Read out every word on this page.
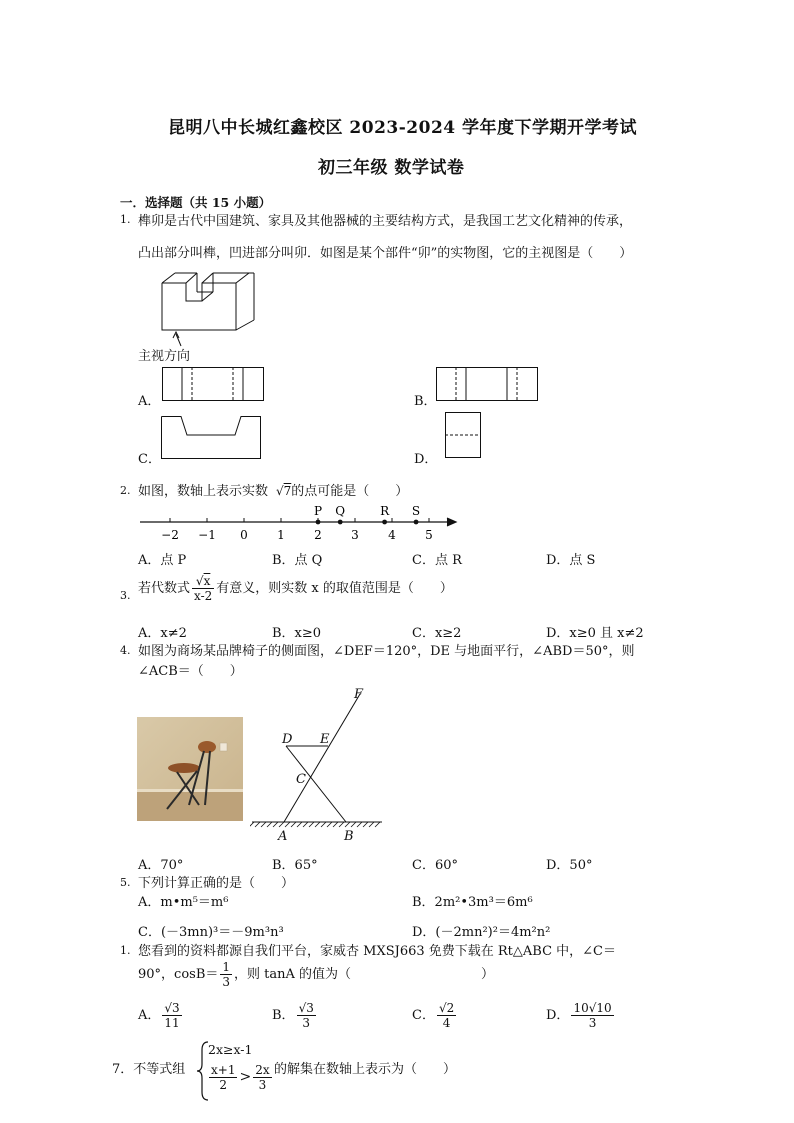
昆明八中长城红鑫校区 2023-2024 学年度下学期开学考试
初三年级 数学试卷
一．选择题（共 15 小题）
1. 榫卯是古代中国建筑、家具及其他器械的主要结构方式，是我国工艺文化精神的传承，
凸出部分叫榫，凹进部分叫卯．如图是某个部件“卯”的实物图，它的主视图是（　　）
主视方向
A．	B．
C．	D．
2. 如图，数轴上表示实数  √7的点可能是（　　）
−2 −1 0 1 2 3 4 5
P Q	R S
A．点 P	B．点 Q	C．点 R	D．点 S
3. 若代数式 $\frac{√x}{x-2}$ 有意义，则实数 x 的取值范围是（　　）
A．x≠2	B．x≥0	C．x≥2	D．x≥0 且 x≠2
4. 如图为商场某品牌椅子的侧面图，∠DEF＝120°，DE 与地面平行，∠ABD＝50°，则
∠ACB＝（　　）
F
D E
C
A	B
A．70°	B．65°	C．60°	D．50°
5. 下列计算正确的是（　　）
A．m•m⁵＝m⁶	B．2m²•3m³＝6m⁶
C．(－3mn)³＝－9m³n³	D．(－2mn²)²＝4m²n²
1. 您看到的资料都源自我们平台，家威杏 MXSJ663 免费下载在 Rt△ABC 中，∠C＝
90°，$\cos B= \frac{1}{3}$ ，则 tanA 的值为（　　　　　　　　　　）
A． $\frac{√3}{11}$	B． $\frac{√3}{3}$	C． $\frac{√2}{4}$	D． $\frac{10√10}{3}$
7．不等式组
2x≥x-1
$\frac{x+1}{2} > \frac{2x}{3}$ 的解集在数轴上表示为（　　）
